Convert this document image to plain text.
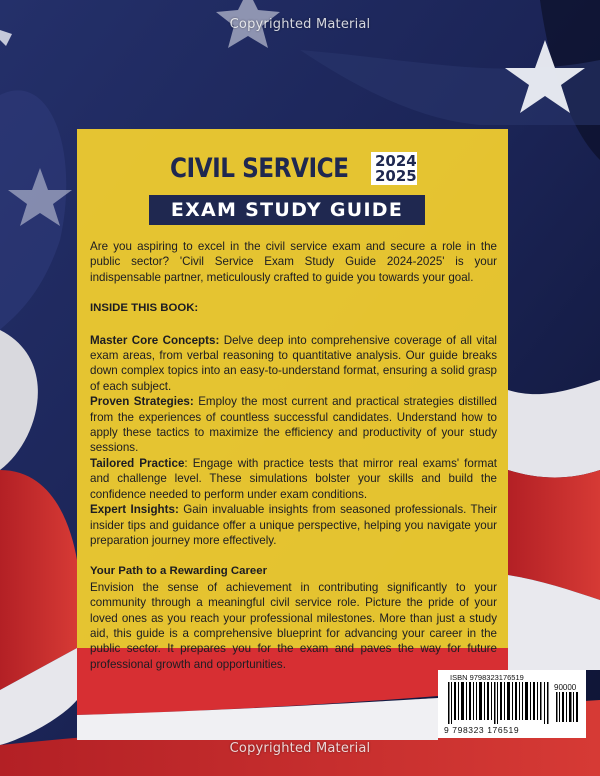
Copyrighted Material
CIVIL SERVICE 2024
2025
EXAM STUDY GUIDE

Are you aspiring to excel in the civil service exam and secure a role in the public sector? 'Civil Service Exam Study Guide 2024-2025' is your indispensable partner, meticulously crafted to guide you towards your goal.

INSIDE THIS BOOK:

Master Core Concepts: Delve deep into comprehensive coverage of all vital exam areas, from verbal reasoning to quantitative analysis. Our guide breaks down complex topics into an easy-to-understand format, ensuring a solid grasp of each subject.

Proven Strategies: Employ the most current and practical strategies distilled from the experiences of countless successful candidates. Understand how to apply these tactics to maximize the efficiency and productivity of your study sessions.

Tailored Practice: Engage with practice tests that mirror real exams' format and challenge level. These simulations bolster your skills and build the confidence needed to perform under exam conditions.

Expert Insights: Gain invaluable insights from seasoned professionals. Their insider tips and guidance offer a unique perspective, helping you navigate your preparation journey more effectively.

Your Path to a Rewarding Career

Envision the sense of achievement in contributing significantly to your community through a meaningful civil service role. Picture the pride of your loved ones as you reach your professional milestones. More than just a study aid, this guide is a comprehensive blueprint for advancing your career in the public sector. It prepares you for the exam and paves the way for future professional growth and opportunities.

ISBN 9798323176519
90000
9 798323 176519
Copyrighted Material
